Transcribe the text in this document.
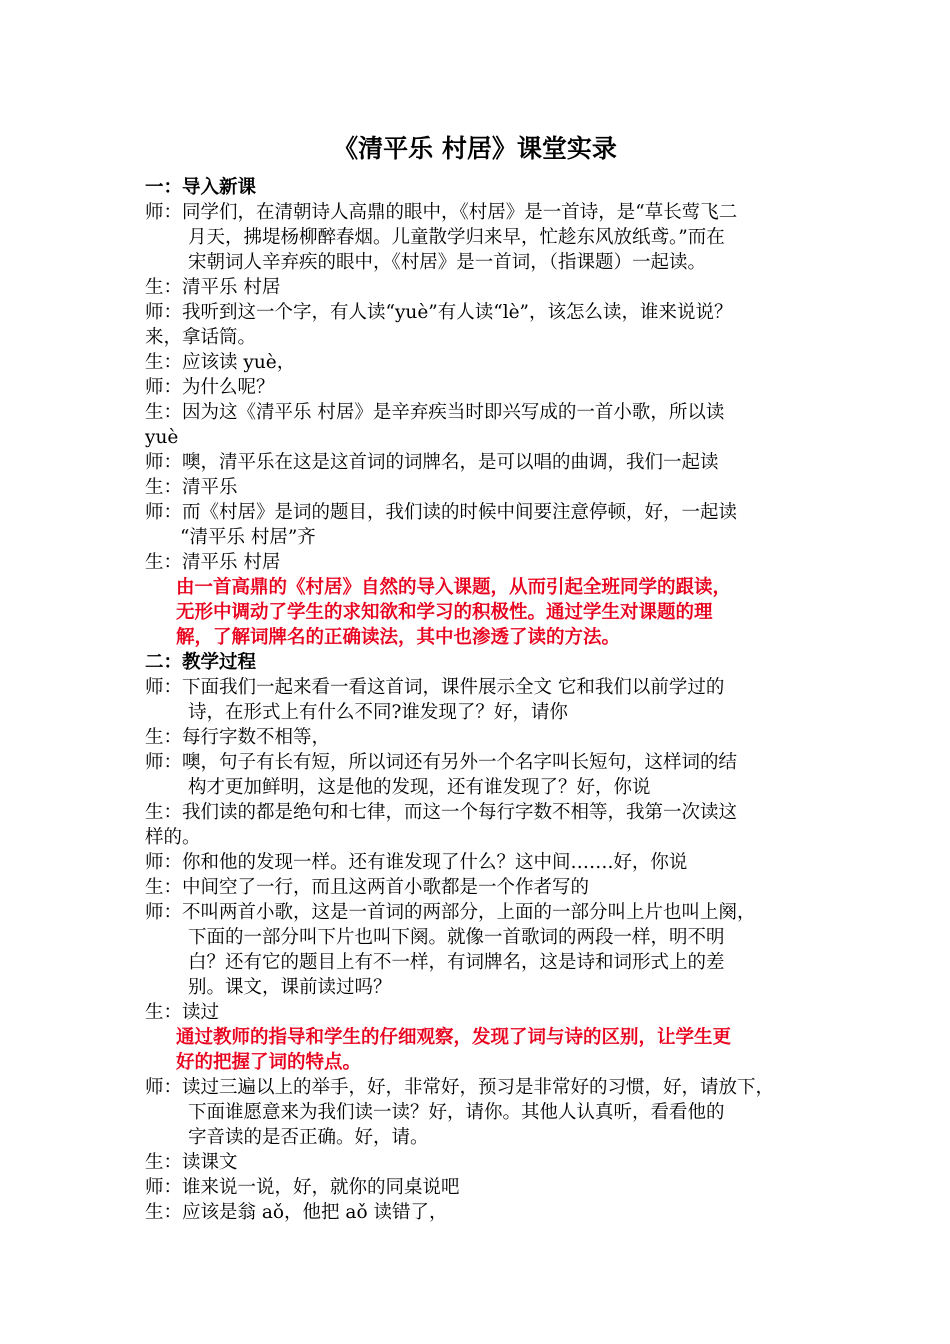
《清平乐 村居》课堂实录
一：导入新课
师：同学们，在清朝诗人高鼎的眼中，《村居》是一首诗，是“草长莺飞二
月天，拂堤杨柳醉春烟。儿童散学归来早，忙趁东风放纸鸢。”而在
宋朝词人辛弃疾的眼中，《村居》是一首词，（指课题）一起读。
生：清平乐 村居
师：我听到这一个字，有人读“yuè”有人读“lè”，该怎么读，谁来说说？
来，拿话筒。
生：应该读 yuè，
师：为什么呢？
生：因为这《清平乐 村居》是辛弃疾当时即兴写成的一首小歌，所以读
yuè
师：噢，清平乐在这是这首词的词牌名，是可以唱的曲调，我们一起读
生：清平乐
师：而《村居》是词的题目，我们读的时候中间要注意停顿，好，一起读
“清平乐 村居”齐
生：清平乐 村居
由一首高鼎的《村居》自然的导入课题，从而引起全班同学的跟读，
无形中调动了学生的求知欲和学习的积极性。通过学生对课题的理
解，了解词牌名的正确读法，其中也渗透了读的方法。
二：教学过程
师：下面我们一起来看一看这首词，课件展示全文 它和我们以前学过的
诗，在形式上有什么不同?谁发现了？好，请你
生：每行字数不相等，
师：噢，句子有长有短，所以词还有另外一个名字叫长短句，这样词的结
构才更加鲜明，这是他的发现，还有谁发现了？好，你说
生：我们读的都是绝句和七律，而这一个每行字数不相等，我第一次读这
样的。
师：你和他的发现一样。还有谁发现了什么？这中间…….好，你说
生：中间空了一行，而且这两首小歌都是一个作者写的
师：不叫两首小歌，这是一首词的两部分，上面的一部分叫上片也叫上阕，
下面的一部分叫下片也叫下阕。就像一首歌词的两段一样，明不明
白？还有它的题目上有不一样，有词牌名，这是诗和词形式上的差
别。课文，课前读过吗？
生：读过
通过教师的指导和学生的仔细观察，发现了词与诗的区别，让学生更
好的把握了词的特点。
师：读过三遍以上的举手，好，非常好，预习是非常好的习惯，好，请放下，
下面谁愿意来为我们读一读？好，请你。其他人认真听，看看他的
字音读的是否正确。好，请。
生：读课文
师：谁来说一说，好，就你的同桌说吧
生：应该是翁 aǒ，他把 aǒ 读错了，
